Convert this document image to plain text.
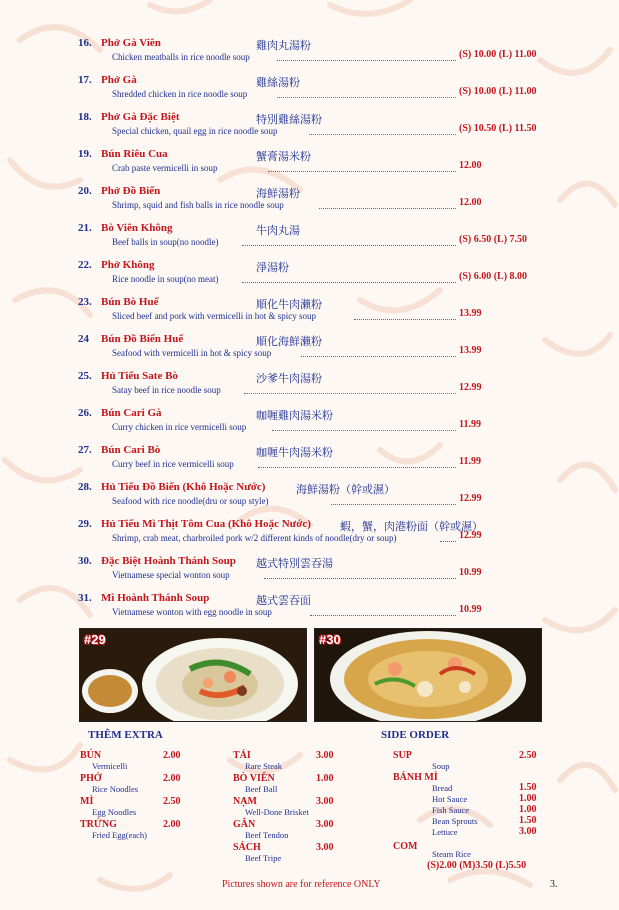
16. Phở Gà Viên	雞肉丸湯粉
Chicken meatballs in rice noodle soup	(S) 10.00 (L) 11.00
17. Phở Gà	雞絲湯粉
Shredded chicken in rice noodle soup	(S) 10.00 (L) 11.00
18. Phở Gà Đặc Biệt	特別雞絲湯粉
Special chicken, quail egg in rice noodle soup	(S) 10.50 (L) 11.50
19. Bún Riêu Cua	蟹膏湯米粉
Crab paste vermicelli in soup	12.00
20. Phở Đồ Biển	海鮮湯粉
Shrimp, squid and fish balls in rice noodle soup	12.00
21. Bò Viên Không	牛肉丸湯
Beef balls in soup(no noodle)	(S) 6.50 (L) 7.50
22. Phở Không	淨湯粉
Rice noodle in soup(no meat)	(S) 6.00 (L) 8.00
23. Bún Bò Huế	順化牛肉瀨粉
Sliced beef and pork with vermicelli in hot & spicy soup	13.99
24 Bún Đồ Biển Huế	順化海鮮瀨粉
Seafood with vermicelli in hot & spicy soup	13.99
25. Hủ Tiếu Sate Bò	沙爹牛肉湯粉
Satay beef in rice noodle soup	12.99
26. Bún Cari Gà	咖喱雞肉湯米粉
Curry chicken in rice vermicelli soup	11.99
27. Bún Cari Bò	咖喱牛肉湯米粉
Curry beef in rice vermicelli soup	11.99
28. Hủ Tiếu Đồ Biển (Khô Hoặc Nước)	海鮮湯粉（幹或濕）
Seafood with rice noodle(dru or soup style)	12.99
29. Hủ Tiếu Mì Thịt Tôm Cua (Khô Hoặc Nước)	蝦，蟹，肉港粉面（幹或濕）
Shrimp, crab meat, charbroiled pork w/2 different kinds of noodle(dry or soup)	12.99
30. Đặc Biệt Hoành Thánh Soup 越式特別雲吞湯
Vietnamese special wonton soup	10.99
31. Mì Hoành Thánh Soup	越式雲吞面
Vietnamese wonton with egg noodle in soup	10.99
#29	#30
THÊM EXTRA
BÚN	2.00
Vermicelli
PHỞ	2.00
Rice Noodles
MÌ	2.50
Egg Noodles
TRỨNG	2.00
Fried Egg(each)
TÁI	3.00
Rare Steak
BÒ VIÊN	1.00
Beef Ball
NẠM	3.00
Well-Done Brisket
GÂN	3.00
Beef Tendon
SÁCH	3.00
Beef Tripe
SIDE ORDER
SUP	2.50
Soup
BÁNH MÌ
Bread	1.50
Hot Sauce	1.00
Fish Sauce	1.00
Bean Sprouts	1.50
Lettuce	3.00
COM
Steam Rice
(S)2.00 (M)3.50 (L)5.50
Pictures shown are for reference ONLY	3.
